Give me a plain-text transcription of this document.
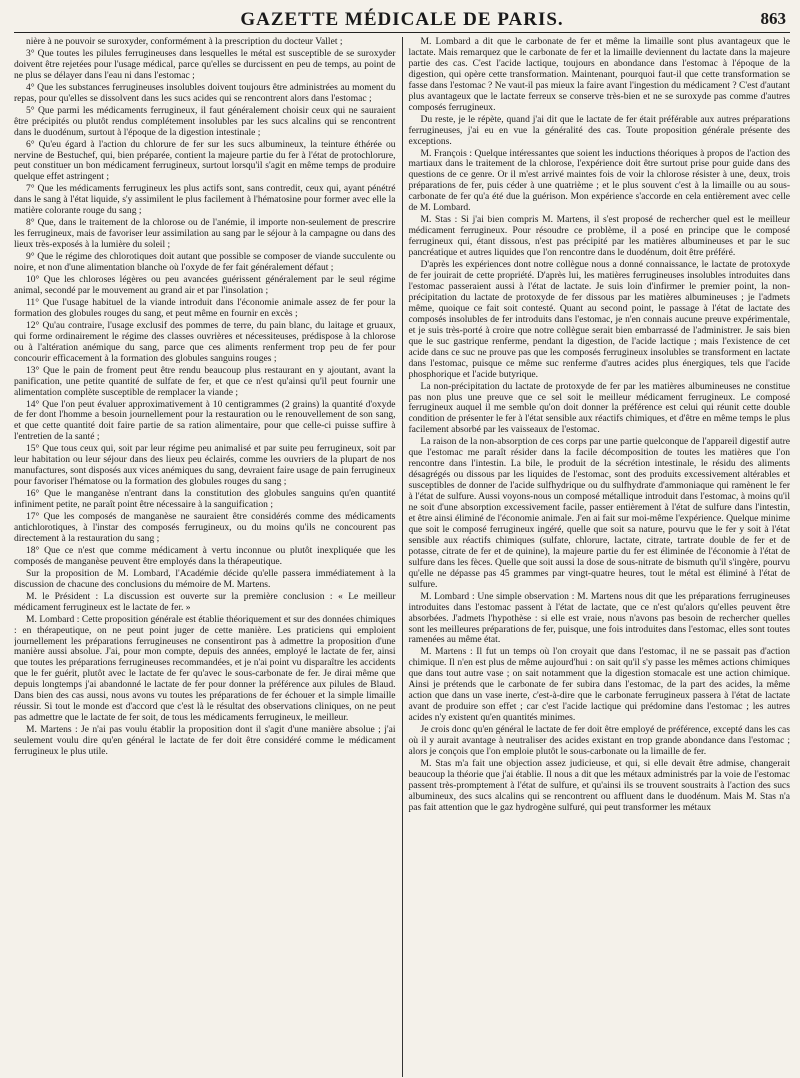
GAZETTE MÉDICALE DE PARIS.	863

nière à ne pouvoir se suroxyder, conformément à la prescription du docteur Vallet ;

3° Que toutes les pilules ferrugineuses dans lesquelles le métal est susceptible de se suroxyder doivent être rejetées pour l'usage médical, parce qu'elles se durcissent en peu de temps, au point de ne plus se délayer dans l'eau ni dans l'estomac ;

4° Que les substances ferrugineuses insolubles doivent toujours être administrées au moment du repas, pour qu'elles se dissolvent dans les sucs acides qui se rencontrent alors dans l'estomac ;

5° Que parmi les médicaments ferrugineux, il faut généralement choisir ceux qui ne sauraient être précipités ou plutôt rendus complétement insolubles par les sucs alcalins qui se rencontrent dans le duodénum, surtout à l'époque de la digestion intestinale ;

6° Qu'eu égard à l'action du chlorure de fer sur les sucs albumineux, la teinture éthérée ou nervine de Bestuchef, qui, bien préparée, contient la majeure partie du fer à l'état de protochlorure, peut constituer un bon médicament ferrugineux, surtout lorsqu'il s'agit en même temps de produire quelque effet astringent ;

7° Que les médicaments ferrugineux les plus actifs sont, sans contredit, ceux qui, ayant pénétré dans le sang à l'état liquide, s'y assimilent le plus facilement à l'hématosine pour former avec elle la matière colorante rouge du sang ;

8° Que, dans le traitement de la chlorose ou de l'anémie, il importe non-seulement de prescrire les ferrugineux, mais de favoriser leur assimilation au sang par le séjour à la campagne ou dans des lieux très-exposés à la lumière du soleil ;

9° Que le régime des chlorotiques doit autant que possible se composer de viande succulente ou noire, et non d'une alimentation blanche où l'oxyde de fer fait généralement défaut ;

10° Que les chloroses légères ou peu avancées guérissent généralement par le seul régime animal, secondé par le mouvement au grand air et par l'insolation ;

11° Que l'usage habituel de la viande introduit dans l'économie animale assez de fer pour la formation des globules rouges du sang, et peut même en fournir en excès ;

12° Qu'au contraire, l'usage exclusif des pommes de terre, du pain blanc, du laitage et gruaux, qui forme ordinairement le régime des classes ouvrières et nécessiteuses, prédispose à la chlorose ou à l'altération anémique du sang, parce que ces aliments renferment trop peu de fer pour concourir efficacement à la formation des globules sanguins rouges ;

13° Que le pain de froment peut être rendu beaucoup plus restaurant en y ajoutant, avant la panification, une petite quantité de sulfate de fer, et que ce n'est qu'ainsi qu'il peut fournir une alimentation complète susceptible de remplacer la viande ;

14° Que l'on peut évaluer approximativement à 10 centigrammes (2 grains) la quantité d'oxyde de fer dont l'homme a besoin journellement pour la restauration ou le renouvellement de son sang, et que cette quantité doit faire partie de sa ration alimentaire, pour que celle-ci puisse suffire à l'entretien de la santé ;

15° Que tous ceux qui, soit par leur régime peu animalisé et par suite peu ferrugineux, soit par leur habitation ou leur séjour dans des lieux peu éclairés, comme les ouvriers de la plupart de nos manufactures, sont disposés aux vices anémiques du sang, devraient faire usage de pain ferrugineux pour favoriser l'hématose ou la formation des globules rouges du sang ;

16° Que le manganèse n'entrant dans la constitution des globules sanguins qu'en quantité infiniment petite, ne paraît point être nécessaire à la sanguification ;

17° Que les composés de manganèse ne sauraient être considérés comme des médicaments antichlorotiques, à l'instar des composés ferrugineux, ou du moins qu'ils ne concourent pas directement à la restauration du sang ;

18° Que ce n'est que comme médicament à vertu inconnue ou plutôt inexpliquée que les composés de manganèse peuvent être employés dans la thérapeutique.

Sur la proposition de M. Lombard, l'Académie décide qu'elle passera immédiatement à la discussion de chacune des conclusions du mémoire de M. Martens.

M. le Président : La discussion est ouverte sur la première conclusion : « Le meilleur médicament ferrugineux est le lactate de fer. »

M. Lombard : Cette proposition générale est établie théoriquement et sur des données chimiques : en thérapeutique, on ne peut point juger de cette manière. Les praticiens qui emploient journellement les préparations ferrugineuses ne consentiront pas à admettre la proposition d'une manière aussi absolue. J'ai, pour mon compte, depuis des années, employé le lactate de fer, ainsi que toutes les préparations ferrugineuses recommandées, et je n'ai point vu disparaître les accidents que le fer guérit, plutôt avec le lactate de fer qu'avec le sous-carbonate de fer. Je dirai même que depuis longtemps j'ai abandonné le lactate de fer pour donner la préférence aux pilules de Blaud. Dans bien des cas aussi, nous avons vu toutes les préparations de fer échouer et la simple limaille réussir. Si tout le monde est d'accord que c'est là le résultat des observations cliniques, on ne peut pas admettre que le lactate de fer soit, de tous les médicaments ferrugineux, le meilleur.

M. Martens : Je n'ai pas voulu établir la proposition dont il s'agit d'une manière absolue ; j'ai seulement voulu dire qu'en général le lactate de fer doit être considéré comme le médicament ferrugineux le plus utile.

M. Lombard a dit que le carbonate de fer et même la limaille sont plus avantageux que le lactate. Mais remarquez que le carbonate de fer et la limaille deviennent du lactate dans la majeure partie des cas. C'est l'acide lactique, toujours en abondance dans l'estomac à l'époque de la digestion, qui opère cette transformation. Maintenant, pourquoi faut-il que cette transformation se fasse dans l'estomac ? Ne vaut-il pas mieux la faire avant l'ingestion du médicament ? C'est d'autant plus avantageux que le lactate ferreux se conserve très-bien et ne se suroxyde pas comme d'autres composés ferrugineux.

Du reste, je le répète, quand j'ai dit que le lactate de fer était préférable aux autres préparations ferrugineuses, j'ai eu en vue la généralité des cas. Toute proposition générale présente des exceptions.

M. François : Quelque intéressantes que soient les inductions théoriques à propos de l'action des martiaux dans le traitement de la chlorose, l'expérience doit être surtout prise pour guide dans des questions de ce genre. Or il m'est arrivé maintes fois de voir la chlorose résister à une, deux, trois préparations de fer, puis céder à une quatrième ; et le plus souvent c'est à la limaille ou au sous-carbonate de fer qu'a été due la guérison. Mon expérience s'accorde en cela entièrement avec celle de M. Lombard.

M. Stas : Si j'ai bien compris M. Martens, il s'est proposé de rechercher quel est le meilleur médicament ferrugineux. Pour résoudre ce problème, il a posé en principe que le composé ferrugineux qui, étant dissous, n'est pas précipité par les matières albumineuses et par le suc pancréatique et autres liquides que l'on rencontre dans le duodénum, doit être préféré.

D'après les expériences dont notre collègue nous a donné connaissance, le lactate de protoxyde de fer jouirait de cette propriété. D'après lui, les matières ferrugineuses insolubles introduites dans l'estomac passeraient aussi à l'état de lactate. Je suis loin d'infirmer le premier point, la non-précipitation du lactate de protoxyde de fer dissous par les matières albumineuses ; je l'admets même, quoique ce fait soit contesté. Quant au second point, le passage à l'état de lactate des composés insolubles de fer introduits dans l'estomac, je n'en connais aucune preuve expérimentale, et je suis très-porté à croire que notre collègue serait bien embarrassé de l'administrer. Je sais bien que le suc gastrique renferme, pendant la digestion, de l'acide lactique ; mais l'existence de cet acide dans ce suc ne prouve pas que les composés ferrugineux insolubles se transforment en lactate dans l'estomac, puisque ce même suc renferme d'autres acides plus énergiques, tels que l'acide phosphorique et l'acide butyrique.

La non-précipitation du lactate de protoxyde de fer par les matières albumineuses ne constitue pas non plus une preuve que ce sel soit le meilleur médicament ferrugineux. Le composé ferrugineux auquel il me semble qu'on doit donner la préférence est celui qui réunit cette double condition de présenter le fer à l'état sensible aux réactifs chimiques, et d'être en même temps le plus facilement absorbé par les vaisseaux de l'estomac.

La raison de la non-absorption de ces corps par une partie quelconque de l'appareil digestif autre que l'estomac me paraît résider dans la facile décomposition de toutes les matières que l'on rencontre dans l'intestin. La bile, le produit de la sécrétion intestinale, le résidu des aliments désagrégés ou dissous par les liquides de l'estomac, sont des produits excessivement altérables et susceptibles de donner de l'acide sulfhydrique ou du sulfhydrate d'ammoniaque qui ramènent le fer à l'état de sulfure. Aussi voyons-nous un composé métallique introduit dans l'estomac, à moins qu'il ne soit d'une absorption excessivement facile, passer entièrement à l'état de sulfure dans l'intestin, et être ainsi éliminé de l'économie animale. J'en ai fait sur moi-même l'expérience. Quelque minime que soit le composé ferrugineux ingéré, quelle que soit sa nature, pourvu que le fer y soit à l'état sensible aux réactifs chimiques (sulfate, chlorure, lactate, citrate, tartrate double de fer et de potasse, citrate de fer et de quinine), la majeure partie du fer est éliminée de l'économie à l'état de sulfure dans les fèces. Quelle que soit aussi la dose de sous-nitrate de bismuth qu'il s'ingère, pourvu qu'elle ne dépasse pas 45 grammes par vingt-quatre heures, tout le métal est éliminé à l'état de sulfure.

M. Lombard : Une simple observation : M. Martens nous dit que les préparations ferrugineuses introduites dans l'estomac passent à l'état de lactate, que ce n'est qu'alors qu'elles peuvent être absorbées. J'admets l'hypothèse : si elle est vraie, nous n'avons pas besoin de rechercher quelles sont les meilleures préparations de fer, puisque, une fois introduites dans l'estomac, elles sont toutes ramenées au même état.

M. Martens : Il fut un temps où l'on croyait que dans l'estomac, il ne se passait pas d'action chimique. Il n'en est plus de même aujourd'hui : on sait qu'il s'y passe les mêmes actions chimiques que dans tout autre vase ; on sait notamment que la digestion stomacale est une action chimique. Ainsi je prétends que le carbonate de fer subira dans l'estomac, de la part des acides, la même action que dans un vase inerte, c'est-à-dire que le carbonate ferrugineux passera à l'état de lactate avant de produire son effet ; car c'est l'acide lactique qui prédomine dans l'estomac ; les autres acides n'y existent qu'en quantités minimes.

Je crois donc qu'en général le lactate de fer doit être employé de préférence, excepté dans les cas où il y aurait avantage à neutraliser des acides existant en trop grande abondance dans l'estomac ; alors je conçois que l'on emploie plutôt le sous-carbonate ou la limaille de fer.

M. Stas m'a fait une objection assez judicieuse, et qui, si elle devait être admise, changerait beaucoup la théorie que j'ai établie. Il nous a dit que les métaux administrés par la voie de l'estomac passent très-promptement à l'état de sulfure, et qu'ainsi ils se trouvent soustraits à l'action des sucs albumineux, des sucs alcalins qui se rencontrent ou affluent dans le duodénum. Mais M. Stas n'a pas fait attention que le gaz hydrogène sulfuré, qui peut transformer les métaux
